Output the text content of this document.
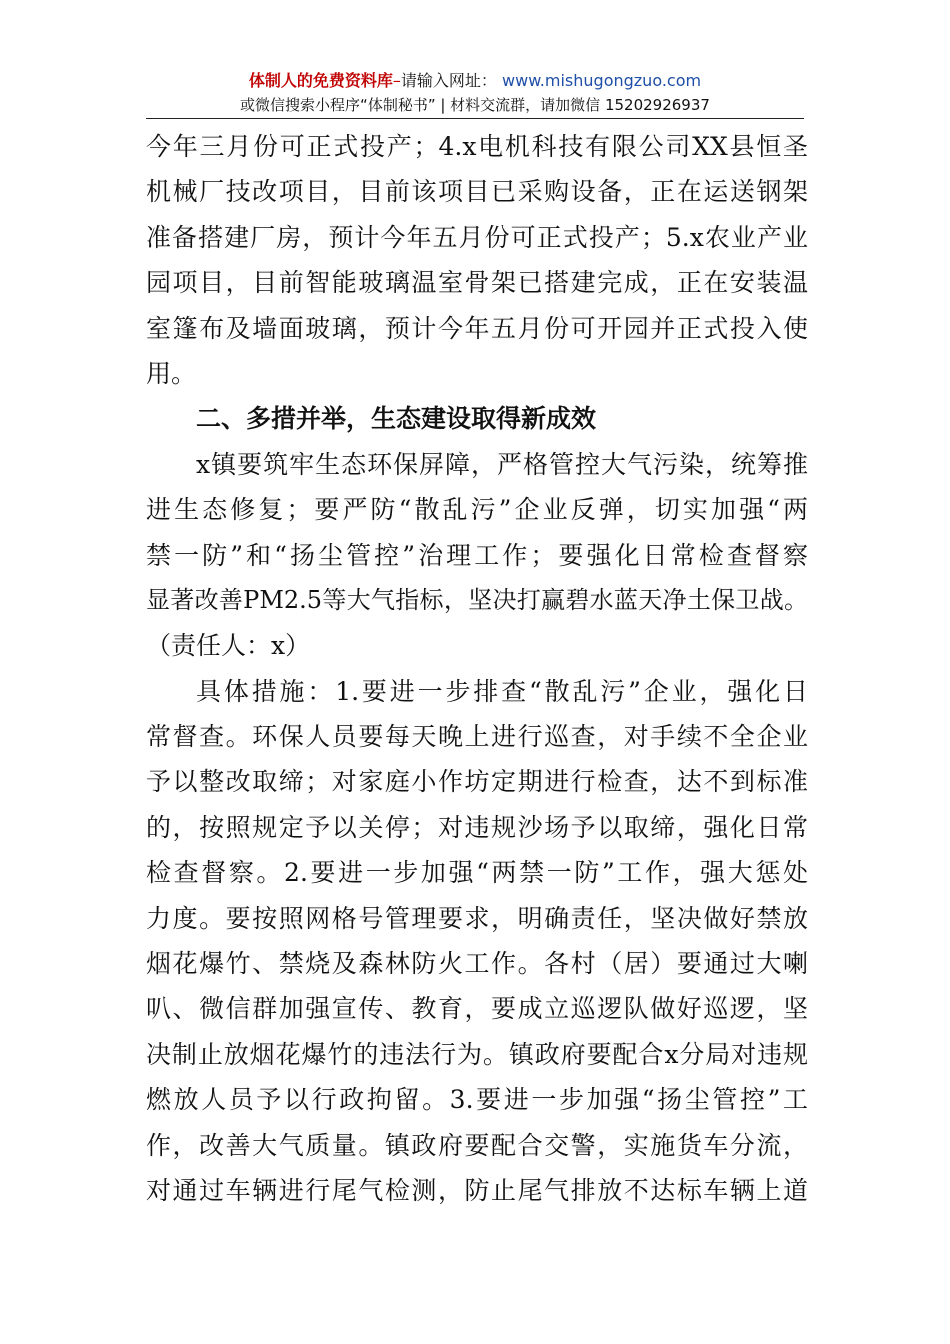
体制人的免费资料库–请输入网址： www.mishugongzuo.com
或微信搜索小程序“体制秘书” | 材料交流群，请加微信 15202926937
今年三月份可正式投产；4.x电机科技有限公司XX县恒圣
机械厂技改项目，目前该项目已采购设备，正在运送钢架
准备搭建厂房，预计今年五月份可正式投产；5.x农业产业
园项目，目前智能玻璃温室骨架已搭建完成，正在安装温
室篷布及墙面玻璃，预计今年五月份可开园并正式投入使
用。
二、多措并举，生态建设取得新成效
x镇要筑牢生态环保屏障，严格管控大气污染，统筹推
进生态修复；要严防“散乱污”企业反弹，切实加强“两
禁一防”和“扬尘管控”治理工作；要强化日常检查督察
显著改善PM2.5等大气指标，坚决打赢碧水蓝天净土保卫战。
（责任人：x）
具体措施：1.要进一步排查“散乱污”企业，强化日
常督查。环保人员要每天晚上进行巡查，对手续不全企业
予以整改取缔；对家庭小作坊定期进行检查，达不到标准
的，按照规定予以关停；对违规沙场予以取缔，强化日常
检查督察。2.要进一步加强“两禁一防”工作，强大惩处
力度。要按照网格号管理要求，明确责任，坚决做好禁放
烟花爆竹、禁烧及森林防火工作。各村（居）要通过大喇
叭、微信群加强宣传、教育，要成立巡逻队做好巡逻，坚
决制止放烟花爆竹的违法行为。镇政府要配合x分局对违规
燃放人员予以行政拘留。3.要进一步加强“扬尘管控”工
作，改善大气质量。镇政府要配合交警，实施货车分流，
对通过车辆进行尾气检测，防止尾气排放不达标车辆上道
